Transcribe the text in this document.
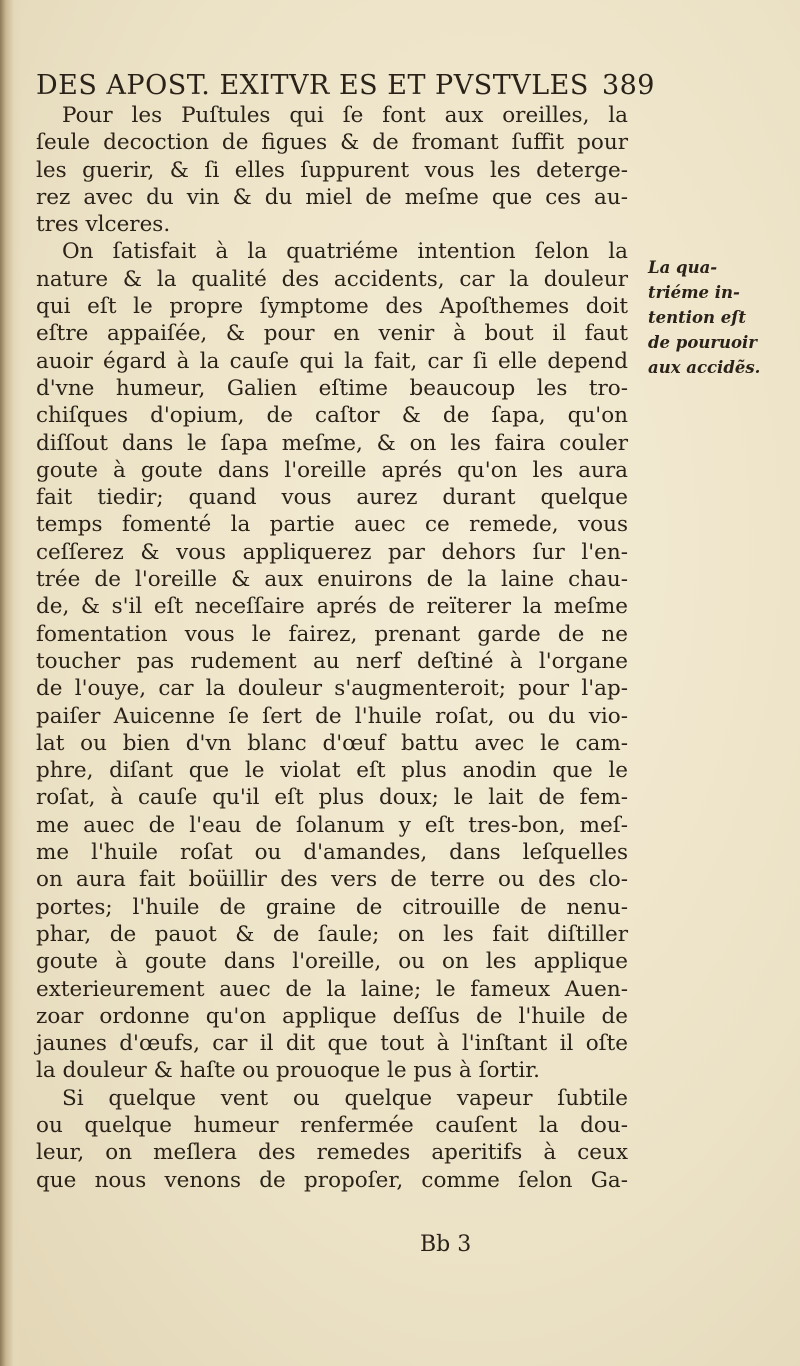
DES APOST. EXITVR ES ET PVSTVLES 389
Pour les Puſtules qui ſe font aux oreilles, la
ſeule decoction de figues & de fromant ſuffit pour
les guerir, & ſi elles ſuppurent vous les deterge-
rez avec du vin & du miel de meſme que ces au-
tres vlceres.
On ſatisfait à la quatriéme intention ſelon la
nature & la qualité des accidents, car la douleur
qui eſt le propre ſymptome des Apoſthemes doit
eſtre appaiſée, & pour en venir à bout il faut
auoir égard à la cauſe qui la fait, car ſi elle depend
d'vne humeur, Galien eſtime beaucoup les tro-
chiſques d'opium, de caſtor & de ſapa, qu'on
diſſout dans le ſapa meſme, & on les faira couler
goute à goute dans l'oreille aprés qu'on les aura
fait tiedir; quand vous aurez durant quelque
temps fomenté la partie auec ce remede, vous
ceſſerez & vous appliquerez par dehors ſur l'en-
trée de l'oreille & aux enuirons de la laine chau-
de, & s'il eſt neceſſaire aprés de reïterer la meſme
fomentation vous le fairez, prenant garde de ne
toucher pas rudement au nerf deſtiné à l'organe
de l'ouye, car la douleur s'augmenteroit; pour l'ap-
paiſer Auicenne ſe ſert de l'huile roſat, ou du vio-
lat ou bien d'vn blanc d'œuf battu avec le cam-
phre, diſant que le violat eſt plus anodin que le
roſat, à cauſe qu'il eſt plus doux; le lait de fem-
me auec de l'eau de ſolanum y eſt tres-bon, meſ-
me l'huile roſat ou d'amandes, dans leſquelles
on aura fait boüillir des vers de terre ou des clo-
portes; l'huile de graine de citrouille de nenu-
phar, de pauot & de ſaule; on les fait diſtiller
goute à goute dans l'oreille, ou on les applique
exterieurement auec de la laine; le fameux Auen-
zoar ordonne qu'on applique deſſus de l'huile de
jaunes d'œufs, car il dit que tout à l'inſtant il oſte
la douleur & haſte ou prouoque le pus à ſortir.
Si quelque vent ou quelque vapeur ſubtile
ou quelque humeur renfermée cauſent la dou-
leur, on meſlera des remedes aperitifs à ceux
que nous venons de propoſer, comme ſelon Ga-
La qua-
triéme in-
tention eſt
de pouruoir
aux accidẽs.
Bb 3
